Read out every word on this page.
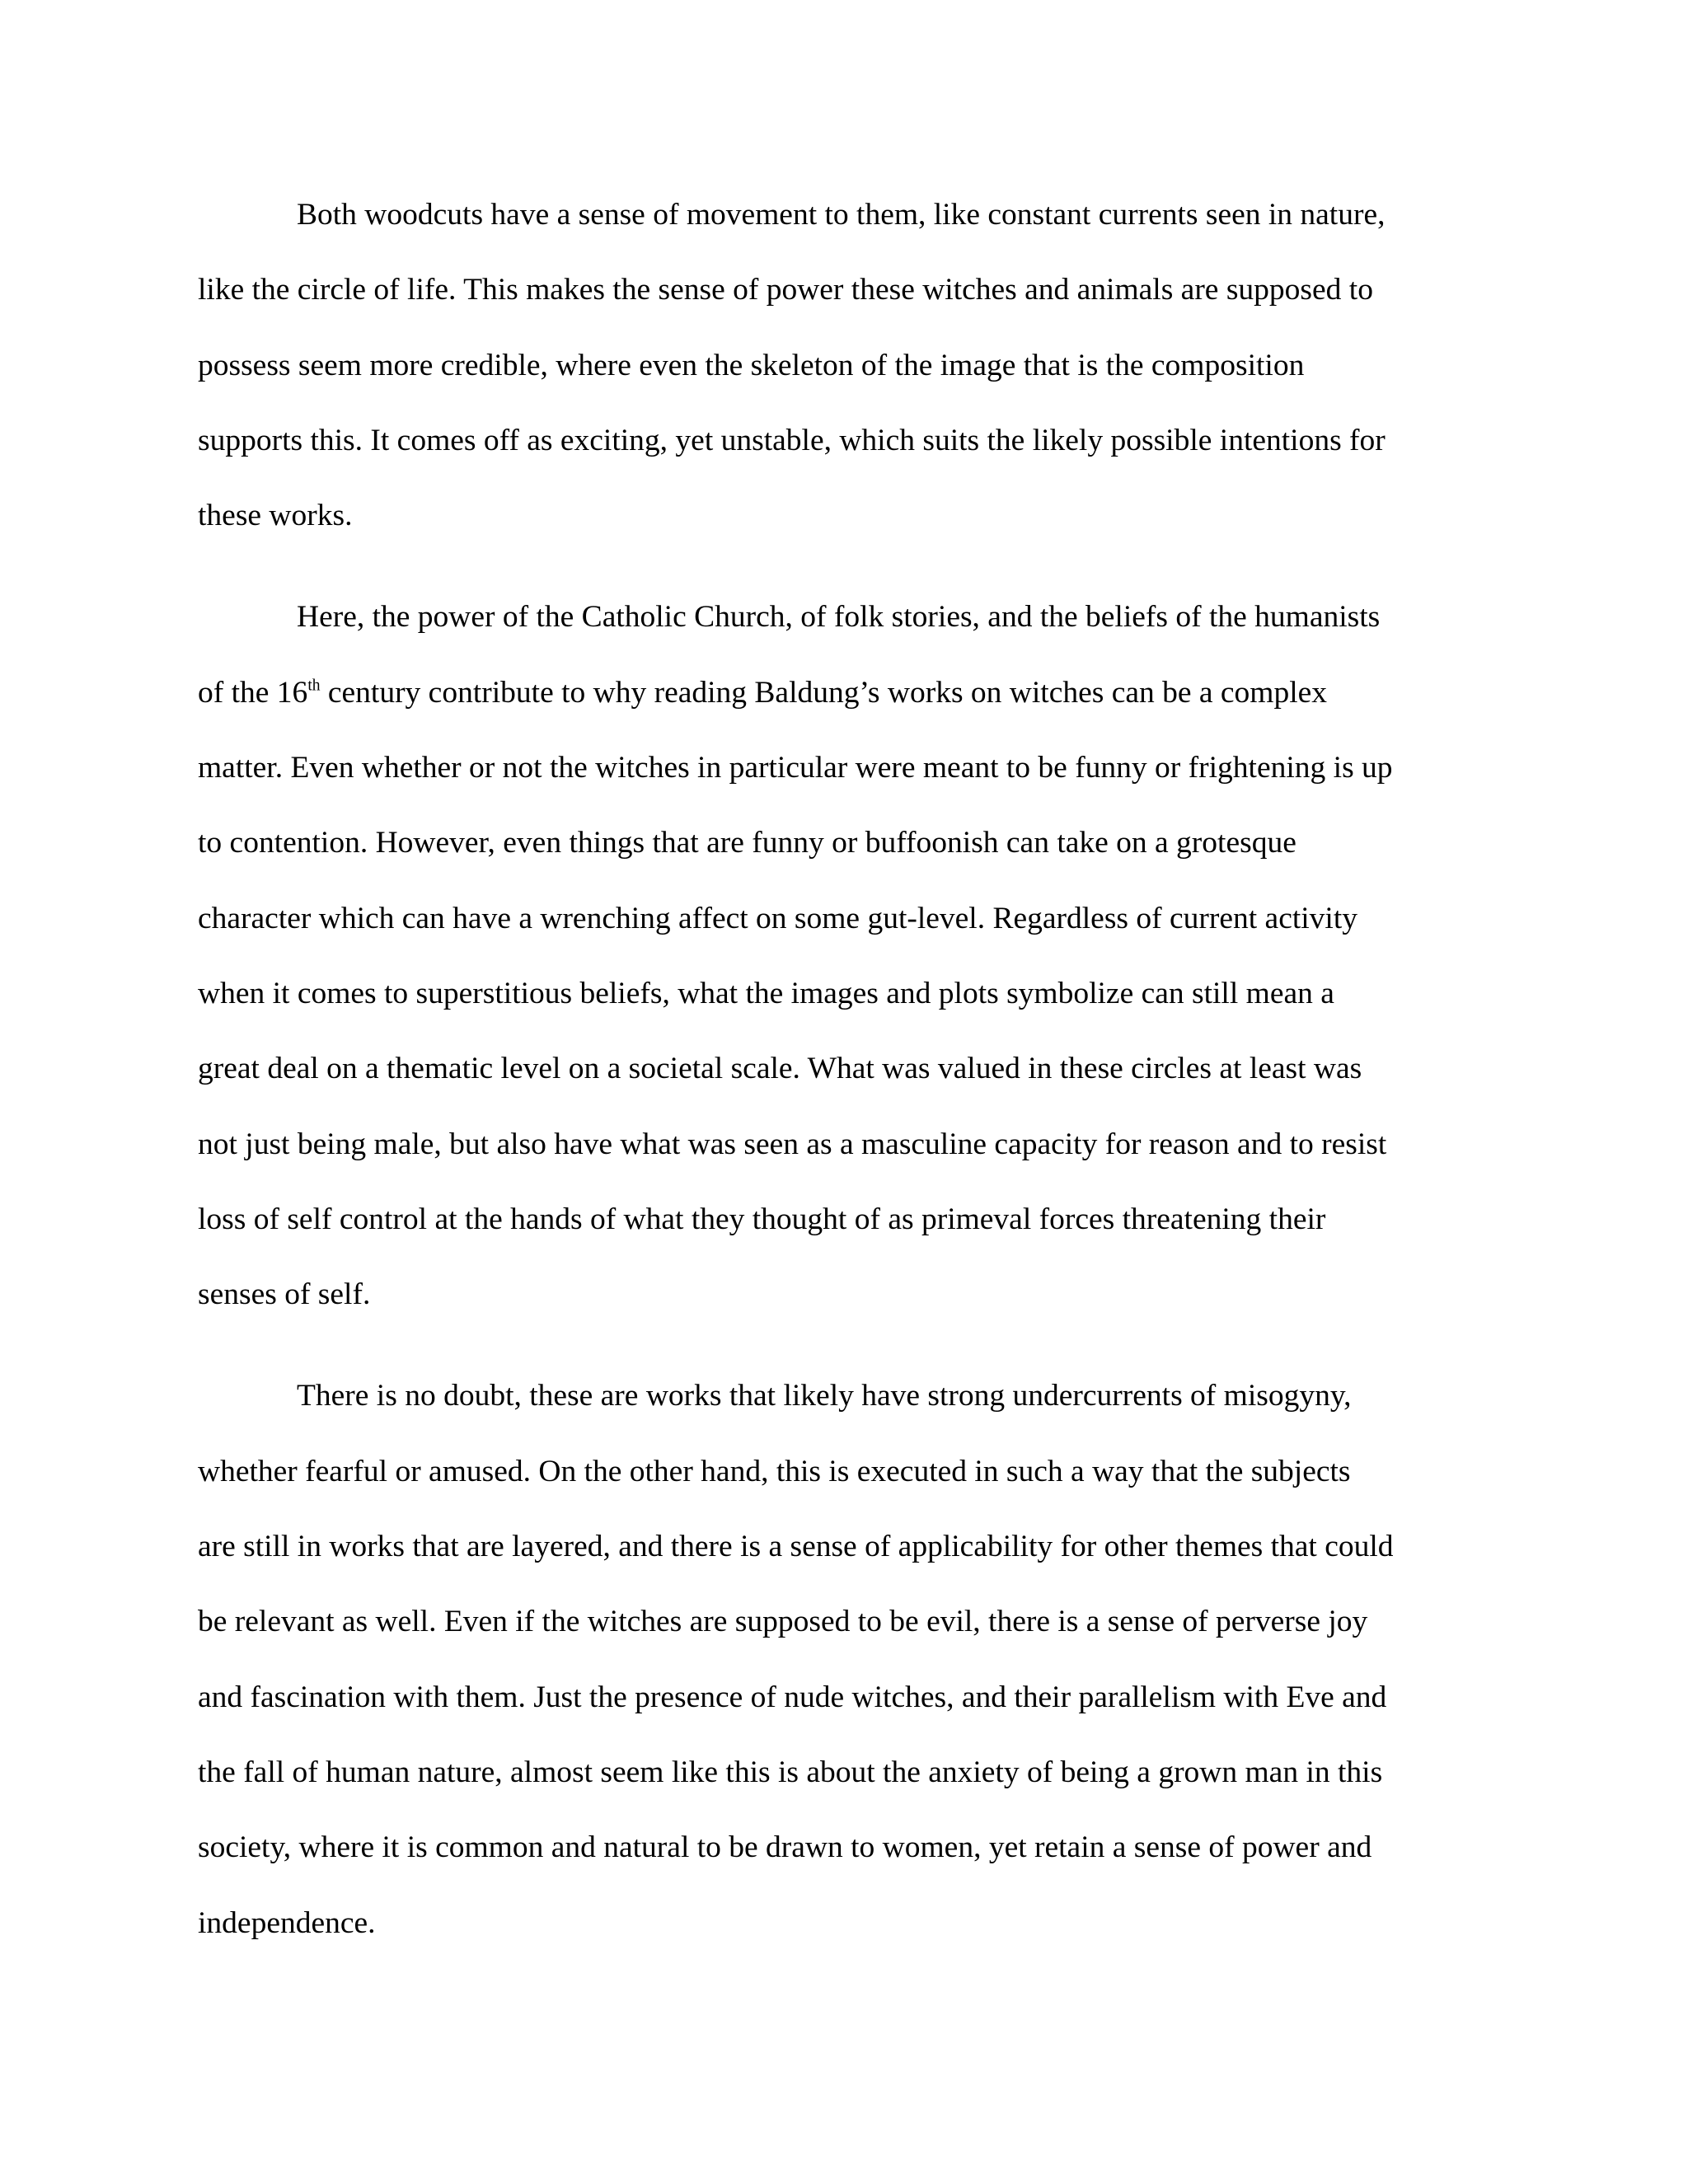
Both woodcuts have a sense of movement to them, like constant currents seen in nature,
like the circle of life. This makes the sense of power these witches and animals are supposed to
possess seem more credible, where even the skeleton of the image that is the composition
supports this. It comes off as exciting, yet unstable, which suits the likely possible intentions for
these works.
Here, the power of the Catholic Church, of folk stories, and the beliefs of the humanists
of the 16th century contribute to why reading Baldung’s works on witches can be a complex
matter. Even whether or not the witches in particular were meant to be funny or frightening is up
to contention. However, even things that are funny or buffoonish can take on a grotesque
character which can have a wrenching affect on some gut-level. Regardless of current activity
when it comes to superstitious beliefs, what the images and plots symbolize can still mean a
great deal on a thematic level on a societal scale. What was valued in these circles at least was
not just being male, but also have what was seen as a masculine capacity for reason and to resist
loss of self control at the hands of what they thought of as primeval forces threatening their
senses of self.
There is no doubt, these are works that likely have strong undercurrents of misogyny,
whether fearful or amused. On the other hand, this is executed in such a way that the subjects
are still in works that are layered, and there is a sense of applicability for other themes that could
be relevant as well. Even if the witches are supposed to be evil, there is a sense of perverse joy
and fascination with them. Just the presence of nude witches, and their parallelism with Eve and
the fall of human nature, almost seem like this is about the anxiety of being a grown man in this
society, where it is common and natural to be drawn to women, yet retain a sense of power and
independence.
